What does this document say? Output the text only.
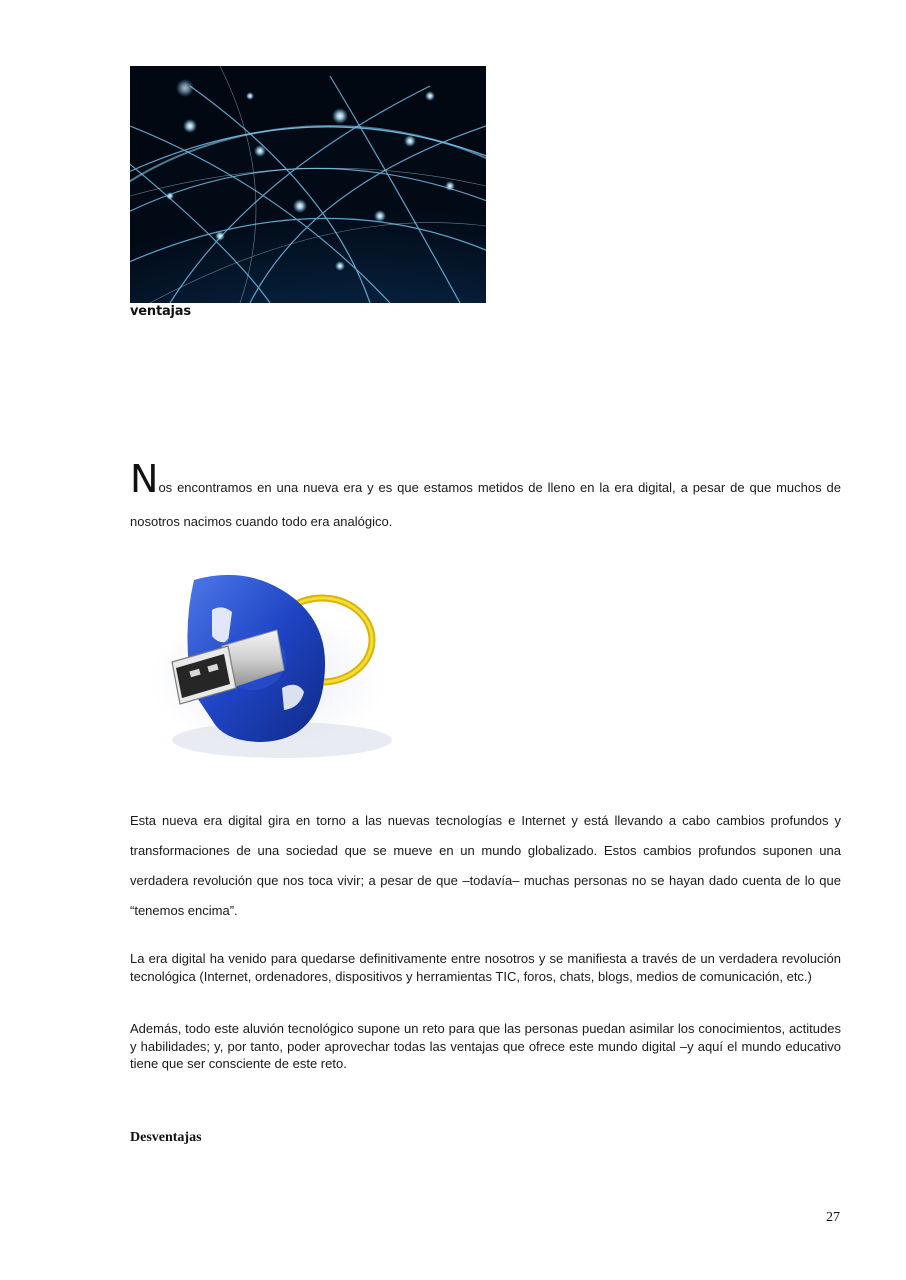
ventajas

Nos encontramos en una nueva era y es que estamos metidos de lleno en la era digital, a pesar de que muchos de nosotros nacimos cuando todo era analógico.

Esta nueva era digital gira en torno a las nuevas tecnologías e Internet y está llevando a cabo cambios profundos y transformaciones de una sociedad que se mueve en un mundo globalizado. Estos cambios profundos suponen una verdadera revolución que nos toca vivir; a pesar de que –todavía– muchas personas no se hayan dado cuenta de lo que “tenemos encima”.

La era digital ha venido para quedarse definitivamente entre nosotros y se manifiesta a través de un verdadera revolución tecnológica (Internet, ordenadores, dispositivos y herramientas TIC, foros, chats, blogs, medios de comunicación, etc.)

Además, todo este aluvión tecnológico supone un reto para que las personas puedan asimilar los conocimientos, actitudes y habilidades; y, por tanto, poder aprovechar todas las ventajas que ofrece este mundo digital –y aquí el mundo educativo tiene que ser consciente de este reto.

Desventajas
27
